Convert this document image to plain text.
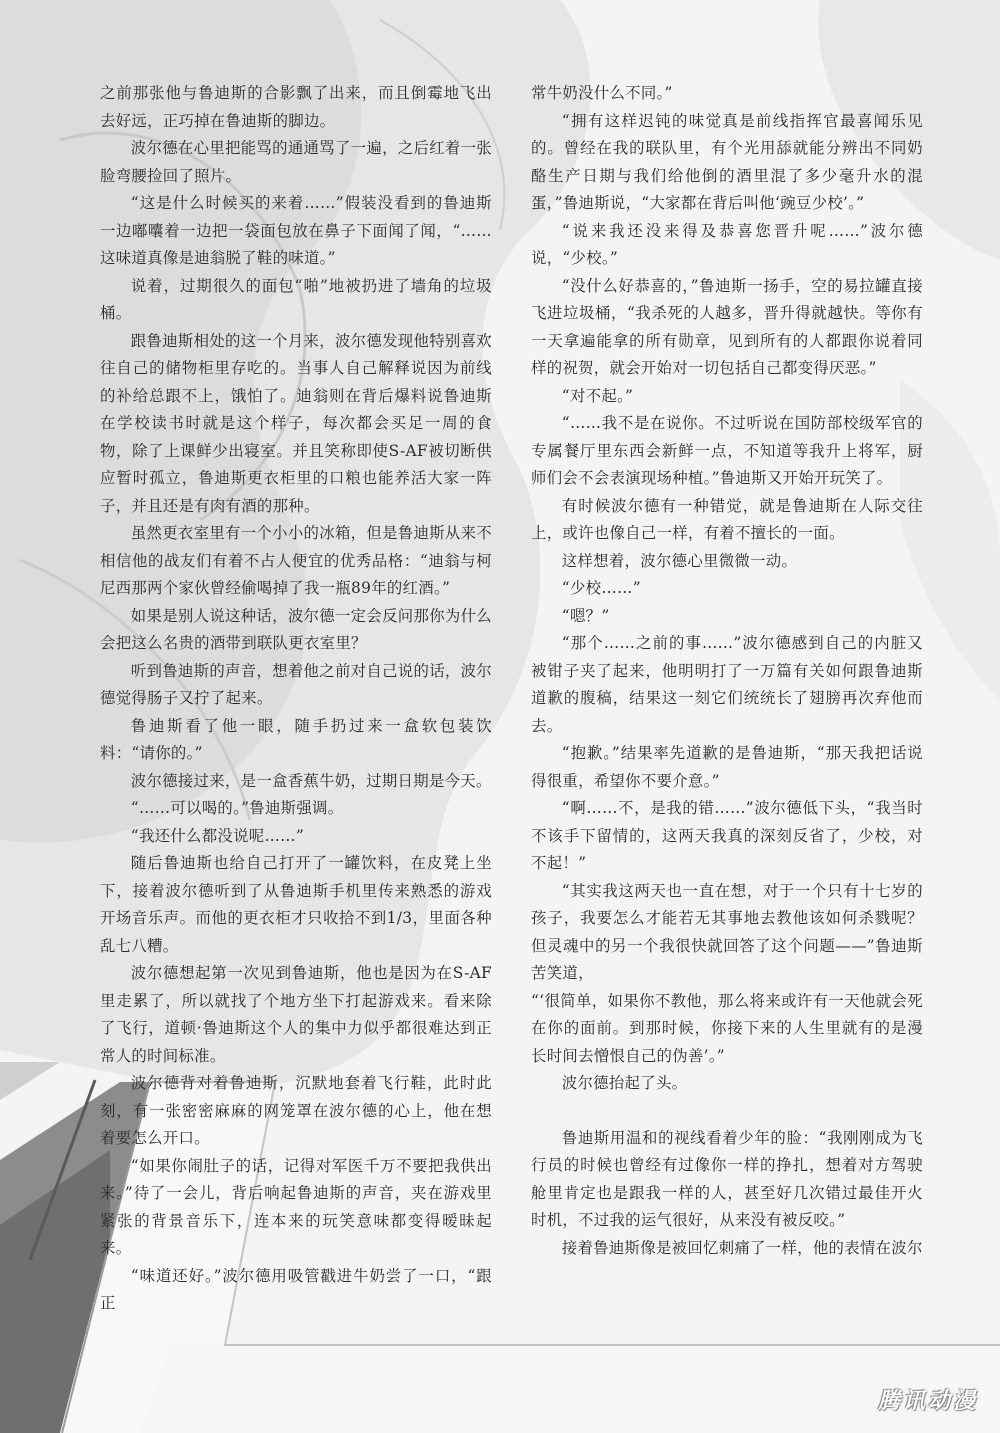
之前那张他与鲁迪斯的合影飘了出来，而且倒霉地飞出去好远，正巧掉在鲁迪斯的脚边。

波尔德在心里把能骂的通通骂了一遍，之后红着一张脸弯腰捡回了照片。

“这是什么时候买的来着……”假装没看到的鲁迪斯一边嘟囔着一边把一袋面包放在鼻子下面闻了闻，“……这味道真像是迪翁脱了鞋的味道。”

说着，过期很久的面包“啪”地被扔进了墙角的垃圾桶。

跟鲁迪斯相处的这一个月来，波尔德发现他特别喜欢往自己的储物柜里存吃的。当事人自己解释说因为前线的补给总跟不上，饿怕了。迪翁则在背后爆料说鲁迪斯在学校读书时就是这个样子，每次都会买足一周的食物，除了上课鲜少出寝室。并且笑称即使S-AF被切断供应暂时孤立，鲁迪斯更衣柜里的口粮也能养活大家一阵子，并且还是有肉有酒的那种。

虽然更衣室里有一个小小的冰箱，但是鲁迪斯从来不相信他的战友们有着不占人便宜的优秀品格：“迪翁与柯尼西那两个家伙曾经偷喝掉了我一瓶89年的红酒。”

如果是别人说这种话，波尔德一定会反问那你为什么会把这么名贵的酒带到联队更衣室里？

听到鲁迪斯的声音，想着他之前对自己说的话，波尔德觉得肠子又拧了起来。

鲁迪斯看了他一眼，随手扔过来一盒软包装饮料：“请你的。”

波尔德接过来，是一盒香蕉牛奶，过期日期是今天。

“……可以喝的。”鲁迪斯强调。

“我还什么都没说呢……”

随后鲁迪斯也给自己打开了一罐饮料，在皮凳上坐下，接着波尔德听到了从鲁迪斯手机里传来熟悉的游戏开场音乐声。而他的更衣柜才只收拾不到1/3，里面各种乱七八糟。

波尔德想起第一次见到鲁迪斯，他也是因为在S-AF里走累了，所以就找了个地方坐下打起游戏来。看来除了飞行，道顿·鲁迪斯这个人的集中力似乎都很难达到正常人的时间标准。

波尔德背对着鲁迪斯，沉默地套着飞行鞋，此时此刻，有一张密密麻麻的网笼罩在波尔德的心上，他在想着要怎么开口。

“如果你闹肚子的话，记得对军医千万不要把我供出来。”待了一会儿，背后响起鲁迪斯的声音，夹在游戏里紧张的背景音乐下，连本来的玩笑意味都变得暧昧起来。

“味道还好。”波尔德用吸管戳进牛奶尝了一口，“跟正

常牛奶没什么不同。”

“拥有这样迟钝的味觉真是前线指挥官最喜闻乐见的。曾经在我的联队里，有个光用舔就能分辨出不同奶酪生产日期与我们给他倒的酒里混了多少毫升水的混蛋，”鲁迪斯说，“大家都在背后叫他‘豌豆少校’。”

“说来我还没来得及恭喜您晋升呢……”波尔德说，“少校。”

“没什么好恭喜的，”鲁迪斯一扬手，空的易拉罐直接飞进垃圾桶，“我杀死的人越多，晋升得就越快。等你有一天拿遍能拿的所有勋章，见到所有的人都跟你说着同样的祝贺，就会开始对一切包括自己都变得厌恶。”

“对不起。”

“……我不是在说你。不过听说在国防部校级军官的专属餐厅里东西会新鲜一点，不知道等我升上将军，厨师们会不会表演现场种植。”鲁迪斯又开始开玩笑了。

有时候波尔德有一种错觉，就是鲁迪斯在人际交往上，或许也像自己一样，有着不擅长的一面。

这样想着，波尔德心里微微一动。

“少校……”

“嗯？”

“那个……之前的事……”波尔德感到自己的内脏又被钳子夹了起来，他明明打了一万篇有关如何跟鲁迪斯道歉的腹稿，结果这一刻它们统统长了翅膀再次弃他而去。

“抱歉。”结果率先道歉的是鲁迪斯，“那天我把话说得很重，希望你不要介意。”

“啊……不，是我的错……”波尔德低下头，“我当时不该手下留情的，这两天我真的深刻反省了，少校，对不起！”

“其实我这两天也一直在想，对于一个只有十七岁的孩子，我要怎么才能若无其事地去教他该如何杀戮呢？但灵魂中的另一个我很快就回答了这个问题——”鲁迪斯苦笑道，

“‘很简单，如果你不教他，那么将来或许有一天他就会死在你的面前。到那时候，你接下来的人生里就有的是漫长时间去憎恨自己的伪善’。”

波尔德抬起了头。

鲁迪斯用温和的视线看着少年的脸：“我刚刚成为飞行员的时候也曾经有过像你一样的挣扎，想着对方驾驶舱里肯定也是跟我一样的人，甚至好几次错过最佳开火时机，不过我的运气很好，从来没有被反咬。”

接着鲁迪斯像是被回忆刺痛了一样，他的表情在波尔

腾讯动漫
